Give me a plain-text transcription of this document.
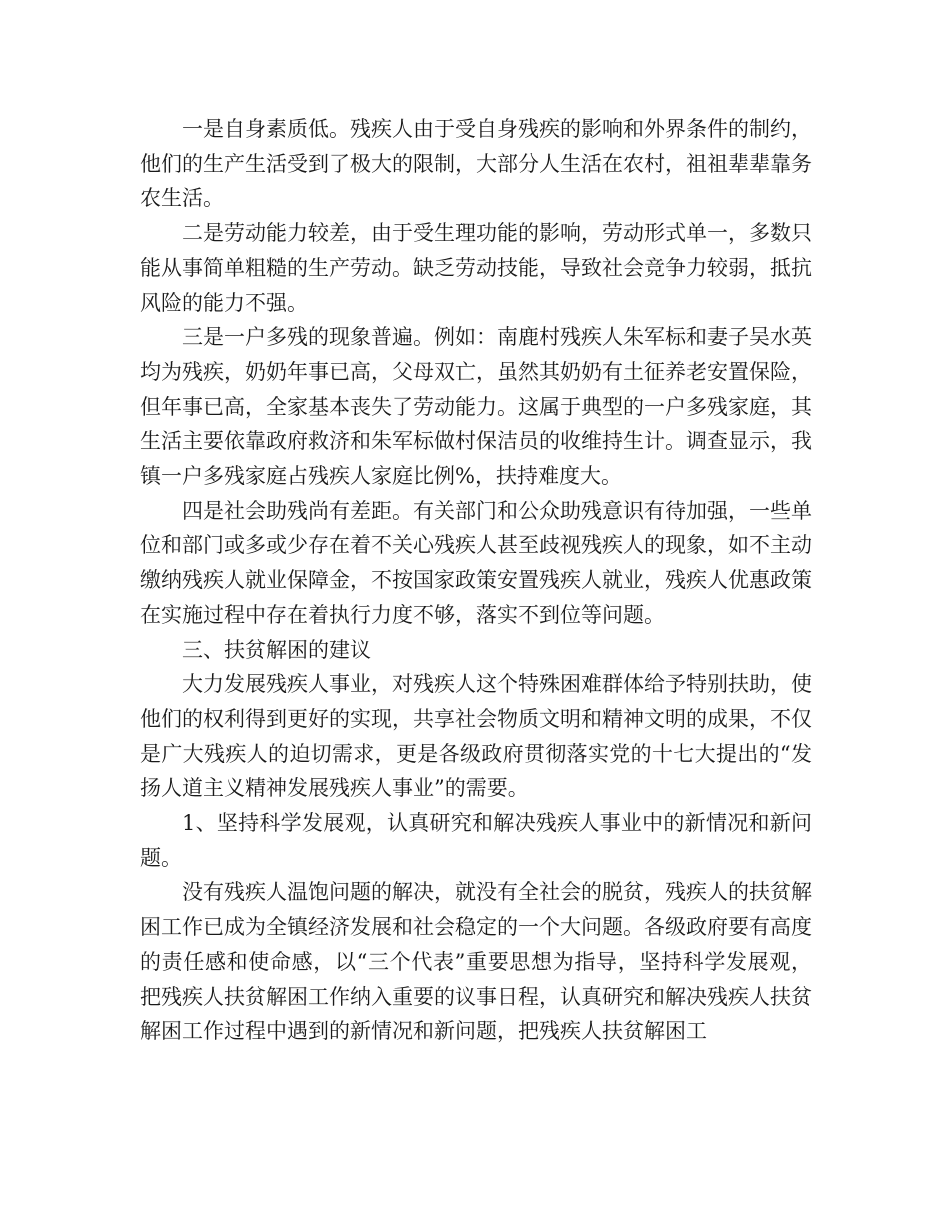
一是自身素质低。残疾人由于受自身残疾的影响和外界条件的制约，他们的生产生活受到了极大的限制，大部分人生活在农村，祖祖辈辈靠务农生活。

二是劳动能力较差，由于受生理功能的影响，劳动形式单一，多数只能从事简单粗糙的生产劳动。缺乏劳动技能，导致社会竞争力较弱，抵抗风险的能力不强。

三是一户多残的现象普遍。例如：南鹿村残疾人朱军标和妻子吴水英均为残疾，奶奶年事已高，父母双亡，虽然其奶奶有土征养老安置保险，但年事已高，全家基本丧失了劳动能力。这属于典型的一户多残家庭，其生活主要依靠政府救济和朱军标做村保洁员的收维持生计。调查显示，我镇一户多残家庭占残疾人家庭比例%，扶持难度大。

四是社会助残尚有差距。有关部门和公众助残意识有待加强，一些单位和部门或多或少存在着不关心残疾人甚至歧视残疾人的现象，如不主动缴纳残疾人就业保障金，不按国家政策安置残疾人就业，残疾人优惠政策在实施过程中存在着执行力度不够，落实不到位等问题。

三、扶贫解困的建议

大力发展残疾人事业，对残疾人这个特殊困难群体给予特别扶助，使他们的权利得到更好的实现，共享社会物质文明和精神文明的成果，不仅是广大残疾人的迫切需求，更是各级政府贯彻落实党的十七大提出的“发扬人道主义精神发展残疾人事业”的需要。

1、坚持科学发展观，认真研究和解决残疾人事业中的新情况和新问题。

没有残疾人温饱问题的解决，就没有全社会的脱贫，残疾人的扶贫解困工作已成为全镇经济发展和社会稳定的一个大问题。各级政府要有高度的责任感和使命感，以“三个代表”重要思想为指导，坚持科学发展观，把残疾人扶贫解困工作纳入重要的议事日程，认真研究和解决残疾人扶贫解困工作过程中遇到的新情况和新问题，把残疾人扶贫解困工
